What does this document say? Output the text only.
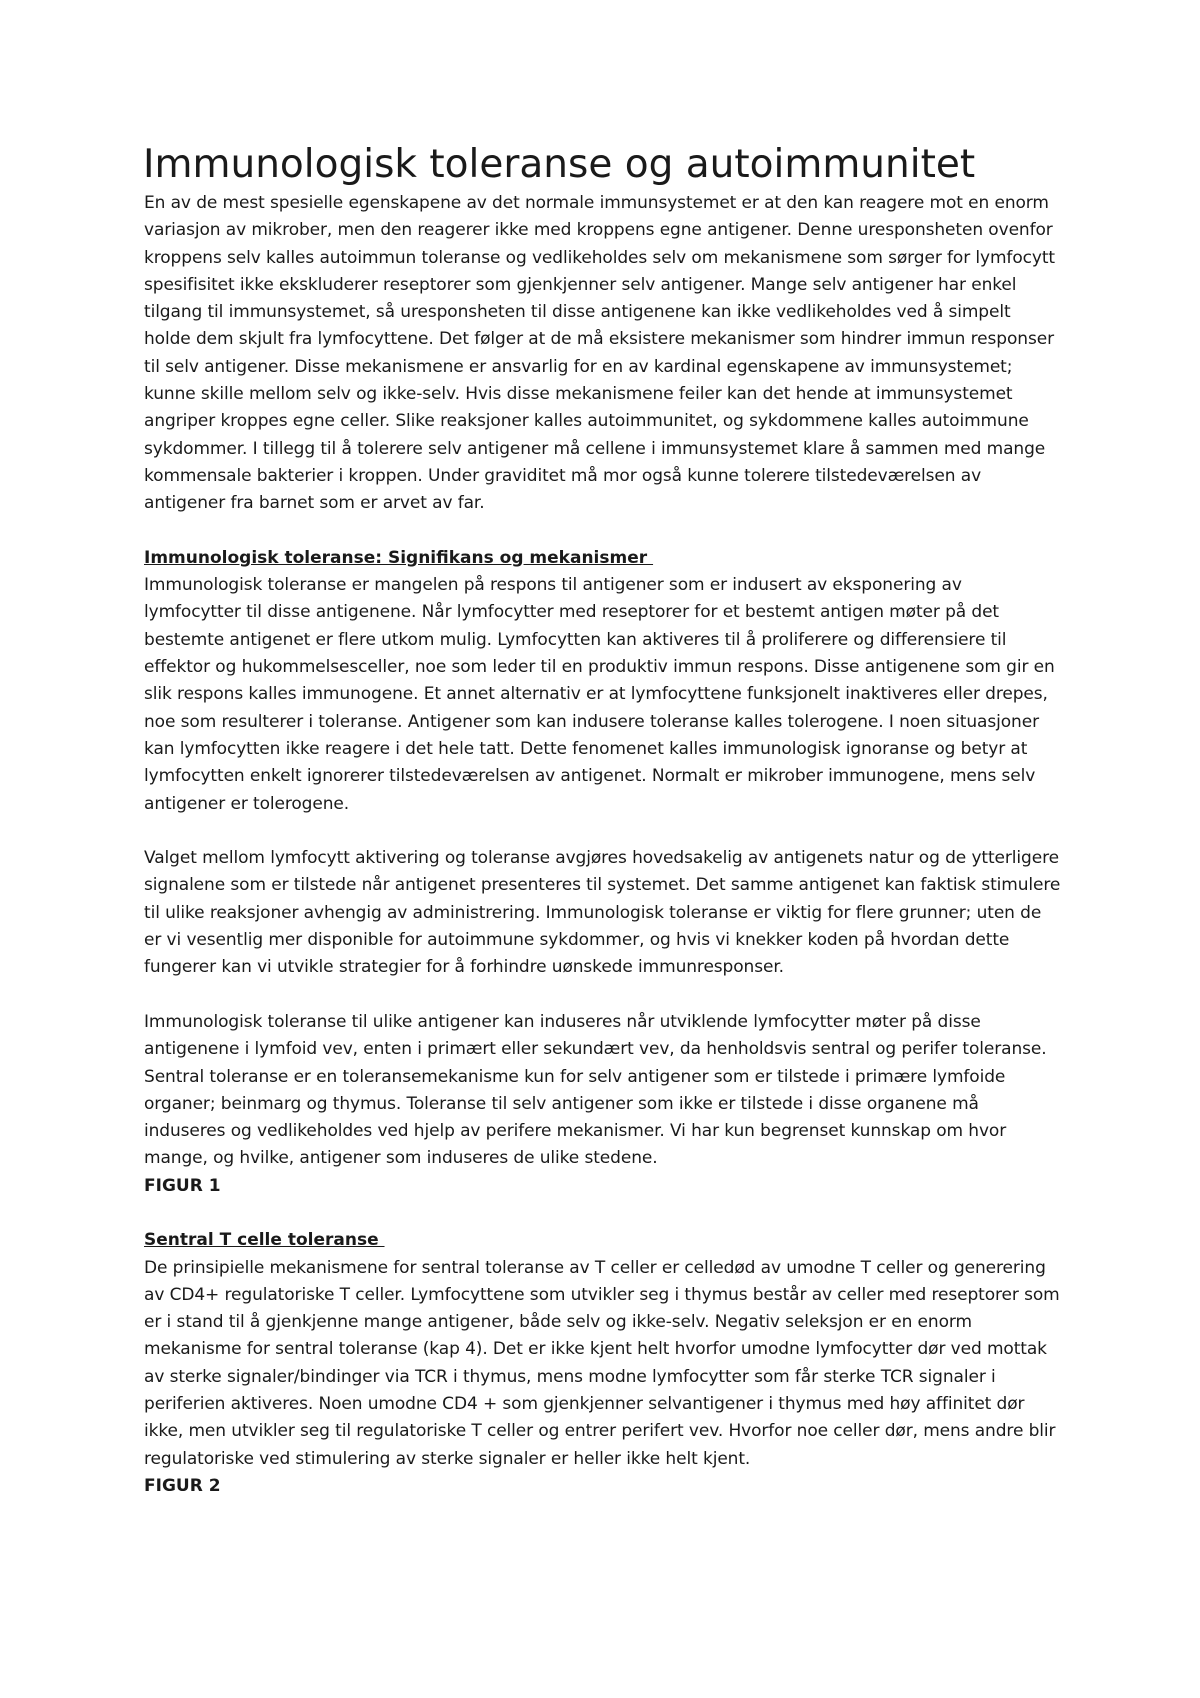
Immunologisk toleranse og autoimmunitet

En av de mest spesielle egenskapene av det normale immunsystemet er at den kan reagere mot en enorm variasjon av mikrober, men den reagerer ikke med kroppens egne antigener. Denne uresponsheten ovenfor kroppens selv kalles autoimmun toleranse og vedlikeholdes selv om mekanismene som sørger for lymfocytt spesifisitet ikke ekskluderer reseptorer som gjenkjenner selv antigener. Mange selv antigener har enkel tilgang til immunsystemet, så uresponsheten til disse antigenene kan ikke vedlikeholdes ved å simpelt holde dem skjult fra lymfocyttene. Det følger at de må eksistere mekanismer som hindrer immun responser til selv antigener. Disse mekanismene er ansvarlig for en av kardinal egenskapene av immunsystemet; kunne skille mellom selv og ikke-selv. Hvis disse mekanismene feiler kan det hende at immunsystemet angriper kroppes egne celler. Slike reaksjoner kalles autoimmunitet, og sykdommene kalles autoimmune sykdommer. I tillegg til å tolerere selv antigener må cellene i immunsystemet klare å sammen med mange kommensale bakterier i kroppen. Under graviditet må mor også kunne tolerere tilstedeværelsen av antigener fra barnet som er arvet av far.

Immunologisk toleranse: Signifikans og mekanismer

Immunologisk toleranse er mangelen på respons til antigener som er indusert av eksponering av lymfocytter til disse antigenene. Når lymfocytter med reseptorer for et bestemt antigen møter på det bestemte antigenet er flere utkom mulig. Lymfocytten kan aktiveres til å proliferere og differensiere til effektor og hukommelsesceller, noe som leder til en produktiv immun respons. Disse antigenene som gir en slik respons kalles immunogene. Et annet alternativ er at lymfocyttene funksjonelt inaktiveres eller drepes, noe som resulterer i toleranse. Antigener som kan indusere toleranse kalles tolerogene. I noen situasjoner kan lymfocytten ikke reagere i det hele tatt. Dette fenomenet kalles immunologisk ignoranse og betyr at lymfocytten enkelt ignorerer tilstedeværelsen av antigenet. Normalt er mikrober immunogene, mens selv antigener er tolerogene.

Valget mellom lymfocytt aktivering og toleranse avgjøres hovedsakelig av antigenets natur og de ytterligere signalene som er tilstede når antigenet presenteres til systemet. Det samme antigenet kan faktisk stimulere til ulike reaksjoner avhengig av administrering. Immunologisk toleranse er viktig for flere grunner; uten de er vi vesentlig mer disponible for autoimmune sykdommer, og hvis vi knekker koden på hvordan dette fungerer kan vi utvikle strategier for å forhindre uønskede immunresponser.

Immunologisk toleranse til ulike antigener kan induseres når utviklende lymfocytter møter på disse antigenene i lymfoid vev, enten i primært eller sekundært vev, da henholdsvis sentral og perifer toleranse. Sentral toleranse er en toleransemekanisme kun for selv antigener som er tilstede i primære lymfoide organer; beinmarg og thymus. Toleranse til selv antigener som ikke er tilstede i disse organene må induseres og vedlikeholdes ved hjelp av perifere mekanismer. Vi har kun begrenset kunnskap om hvor mange, og hvilke, antigener som induseres de ulike stedene.

FIGUR 1

Sentral T celle toleranse

De prinsipielle mekanismene for sentral toleranse av T celler er celledød av umodne T celler og generering av CD4+ regulatoriske T celler. Lymfocyttene som utvikler seg i thymus består av celler med reseptorer som er i stand til å gjenkjenne mange antigener, både selv og ikke-selv. Negativ seleksjon er en enorm mekanisme for sentral toleranse (kap 4). Det er ikke kjent helt hvorfor umodne lymfocytter dør ved mottak av sterke signaler/bindinger via TCR i thymus, mens modne lymfocytter som får sterke TCR signaler i periferien aktiveres. Noen umodne CD4 + som gjenkjenner selvantigener i thymus med høy affinitet dør ikke, men utvikler seg til regulatoriske T celler og entrer perifert vev. Hvorfor noe celler dør, mens andre blir regulatoriske ved stimulering av sterke signaler er heller ikke helt kjent.

FIGUR 2
